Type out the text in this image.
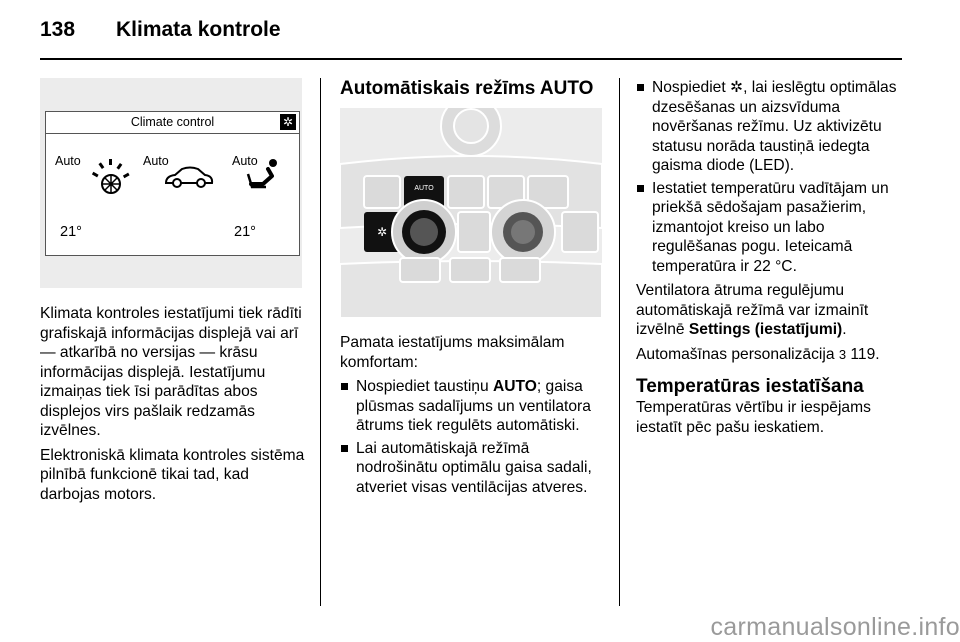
138 Klimata kontrole
Climate control	✲
Auto	Auto	Auto
21°	21°

Klimata kontroles iestatījumi tiek rādīti grafiskajā informācijas displejā vai arī — atkarībā no versijas — krāsu informācijas displejā. Iestatījumu izmaiņas tiek īsi parādītas abos displejos virs pašlaik redzamās izvēlnes.

Elektroniskā klimata kontroles sistēma pilnībā funkcionē tikai tad, kad darbojas motors.

Automātiskais režīms AUTO
AUTO
✲

Pamata iestatījums maksimālam komfortam:

Nospiediet taustiņu AUTO; gaisa plūsmas sadalījums un ventilatora ātrums tiek regulēts automātiski.
Lai automātiskajā režīmā nodrošinātu optimālu gaisa sadali, atveriet visas ventilācijas atveres.
Nospiediet ✲, lai ieslēgtu optimālas dzesēšanas un aizsvīduma novēršanas režīmu. Uz aktivizētu statusu norāda taustiņā iedegta gaisma diode (LED).
Iestatiet temperatūru vadītājam un priekšā sēdošajam pasažierim, izmantojot kreiso un labo regulēšanas pogu. Ieteicamā temperatūra ir 22 °C.

Ventilatora ātruma regulējumu automātiskajā režīmā var izmainīt izvēlnē Settings (iestatījumi).

Automašīnas personalizācija 3 119.

Temperatūras iestatīšana

Temperatūras vērtību ir iespējams iestatīt pēc pašu ieskatiem.

carmanualsonline.info
